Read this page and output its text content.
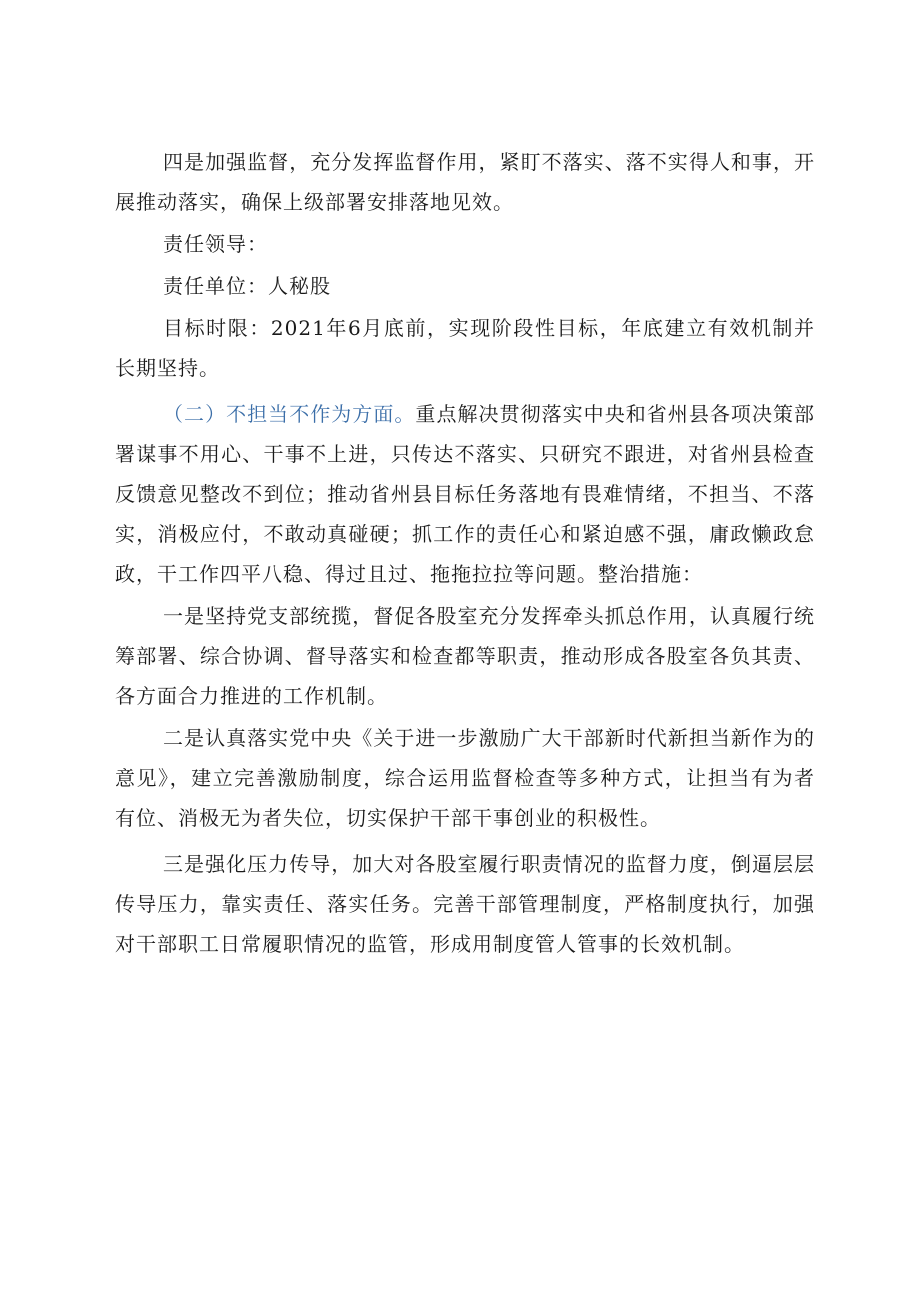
四是加强监督，充分发挥监督作用，紧盯不落实、落不实得人和事，开展推动落实，确保上级部署安排落地见效。

责任领导：

责任单位：人秘股

目标时限：2021年6月底前，实现阶段性目标，年底建立有效机制并长期坚持。

（二）不担当不作为方面。重点解决贯彻落实中央和省州县各项决策部署谋事不用心、干事不上进，只传达不落实、只研究不跟进，对省州县检查反馈意见整改不到位；推动省州县目标任务落地有畏难情绪，不担当、不落实，消极应付，不敢动真碰硬；抓工作的责任心和紧迫感不强，庸政懒政怠政，干工作四平八稳、得过且过、拖拖拉拉等问题。整治措施：

一是坚持党支部统揽，督促各股室充分发挥牵头抓总作用，认真履行统筹部署、综合协调、督导落实和检查都等职责，推动形成各股室各负其责、各方面合力推进的工作机制。

二是认真落实党中央《关于进一步激励广大干部新时代新担当新作为的意见》，建立完善激励制度，综合运用监督检查等多种方式，让担当有为者有位、消极无为者失位，切实保护干部干事创业的积极性。

三是强化压力传导，加大对各股室履行职责情况的监督力度，倒逼层层传导压力，靠实责任、落实任务。完善干部管理制度，严格制度执行，加强对干部职工日常履职情况的监管，形成用制度管人管事的长效机制。
